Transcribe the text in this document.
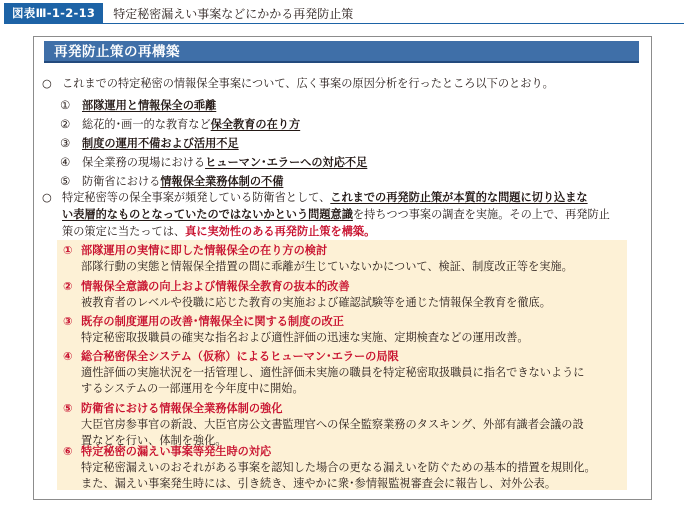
図表Ⅲ-1-2-13	特定秘密漏えい事案などにかかる再発防止策
再発防止策の再構築
○ これまでの特定秘密の情報保全事案について、広く事案の原因分析を行ったところ以下のとおり。
①	部隊運用と情報保全の乖離
②	総花的･画一的な教育など 保全教育の在り方
③	制度の運用不備および活用不足
④	保全業務の現場における ヒューマン･エラーへの対応不足
⑤	防衛省における 情報保全業務体制の不備
○ 特定秘密等の保全事案が頻発している防衛省として、これまでの再発防止策が本質的な問題に切り込まな
い表層的なものとなっていたのではないかという問題意識を持ちつつ事案の調査を実施。その上で、再発防止
策の策定に当たっては、真に実効性のある再発防止策を構築。
① 部隊運用の実情に即した情報保全の在り方の検討
部隊行動の実態と情報保全措置の間に乖離が生じていないかについて、検証、制度改正等を実施。
② 情報保全意識の向上および情報保全教育の抜本的改善
被教育者のレベルや役職に応じた教育の実施および確認試験等を通じた情報保全教育を徹底。
③ 既存の制度運用の改善･情報保全に関する制度の改正
特定秘密取扱職員の確実な指名および適性評価の迅速な実施、定期検査などの運用改善。
④ 総合秘密保全システム（仮称）によるヒューマン･エラーの局限
適性評価の実施状況を一括管理し、適性評価未実施の職員を特定秘密取扱職員に指名できないように
するシステムの一部運用を今年度中に開始。
⑤ 防衛省における情報保全業務体制の強化
大臣官房参事官の新設、大臣官房公文書監理官への保全監察業務のタスキング、外部有識者会議の設
置などを行い、体制を強化。
⑥ 特定秘密の漏えい事案等発生時の対応
特定秘密漏えいのおそれがある事案を認知した場合の更なる漏えいを防ぐための基本的措置を規則化。
また、漏えい事案発生時には、引き続き、速やかに衆･参情報監視審査会に報告し、対外公表。
